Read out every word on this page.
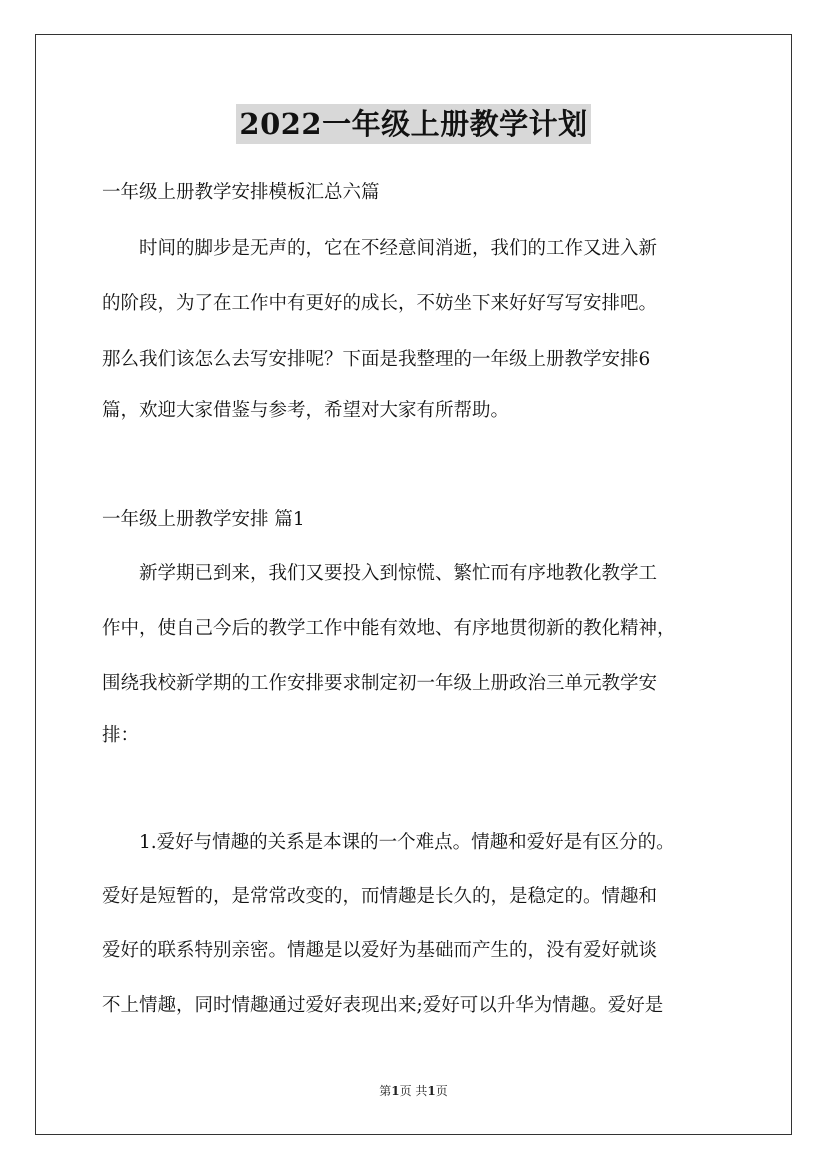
2022一年级上册教学计划
一年级上册教学安排模板汇总六篇
　　时间的脚步是无声的，它在不经意间消逝，我们的工作又进入新
的阶段，为了在工作中有更好的成长，不妨坐下来好好写写安排吧。
那么我们该怎么去写安排呢？下面是我整理的一年级上册教学安排6
篇，欢迎大家借鉴与参考，希望对大家有所帮助。
一年级上册教学安排 篇1
　　新学期已到来，我们又要投入到惊慌、繁忙而有序地教化教学工
作中，使自己今后的教学工作中能有效地、有序地贯彻新的教化精神，
围绕我校新学期的工作安排要求制定初一年级上册政治三单元教学安
排：
　　1.爱好与情趣的关系是本课的一个难点。情趣和爱好是有区分的。
爱好是短暂的，是常常改变的，而情趣是长久的，是稳定的。情趣和
爱好的联系特别亲密。情趣是以爱好为基础而产生的，没有爱好就谈
不上情趣，同时情趣通过爱好表现出来;爱好可以升华为情趣。爱好是
第1页 共1页
